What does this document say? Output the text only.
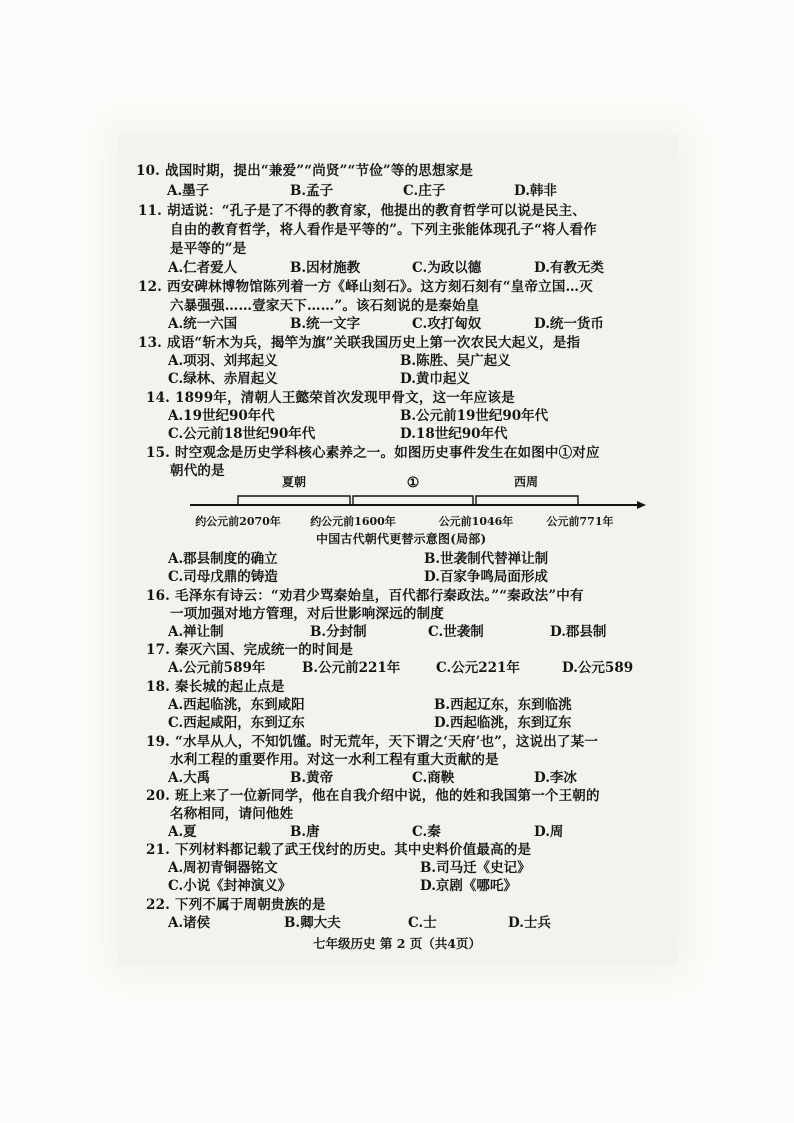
10. 战国时期，提出“兼爱”“尚贤”“节俭”等的思想家是
A.墨子	B.孟子	C.庄子	D.韩非
11. 胡适说：“孔子是了不得的教育家，他提出的教育哲学可以说是民主、
自由的教育哲学，将人看作是平等的”。下列主张能体现孔子“将人看作
是平等的”是
A.仁者爱人	B.因材施教	C.为政以德	D.有教无类
12. 西安碑林博物馆陈列着一方《峄山刻石》。这方刻石刻有“皇帝立国…灭
六暴强强……壹家天下……”。该石刻说的是秦始皇
A.统一六国	B.统一文字	C.攻打匈奴	D.统一货币
13. 成语“斩木为兵，揭竿为旗”关联我国历史上第一次农民大起义，是指
A.项羽、刘邦起义	B.陈胜、吴广起义
C.绿林、赤眉起义	D.黄巾起义
14. 1899年，清朝人王懿荣首次发现甲骨文，这一年应该是
A.19世纪90年代	B.公元前19世纪90年代
C.公元前18世纪90年代	D.18世纪90年代
15. 时空观念是历史学科核心素养之一。如图历史事件发生在如图中①对应
朝代的是
夏朝	①	西周
约公元前2070年	约公元前1600年	公元前1046年	公元前771年
中国古代朝代更替示意图(局部)
A.郡县制度的确立	B.世袭制代替禅让制
C.司母戊鼎的铸造	D.百家争鸣局面形成
16. 毛泽东有诗云：“劝君少骂秦始皇，百代都行秦政法。”“秦政法”中有
一项加强对地方管理，对后世影响深远的制度
A.禅让制	B.分封制	C.世袭制	D.郡县制
17. 秦灭六国、完成统一的时间是
A.公元前589年	B.公元前221年	C.公元221年	D.公元589
18. 秦长城的起止点是
A.西起临洮，东到咸阳	B.西起辽东，东到临洮
C.西起咸阳，东到辽东	D.西起临洮，东到辽东
19. “水旱从人，不知饥馑。时无荒年，天下谓之‘天府’也”，这说出了某一
水利工程的重要作用。对这一水利工程有重大贡献的是
A.大禹	B.黄帝	C.商鞅	D.李冰
20. 班上来了一位新同学，他在自我介绍中说，他的姓和我国第一个王朝的
名称相同，请问他姓
A.夏	B.唐	C.秦	D.周
21. 下列材料都记载了武王伐纣的历史。其中史料价值最高的是
A.周初青铜器铭文	B.司马迁《史记》
C.小说《封神演义》	D.京剧《哪吒》
22. 下列不属于周朝贵族的是
A.诸侯	B.卿大夫	C.士	D.士兵
七年级历史 第 2 页（共4页）
